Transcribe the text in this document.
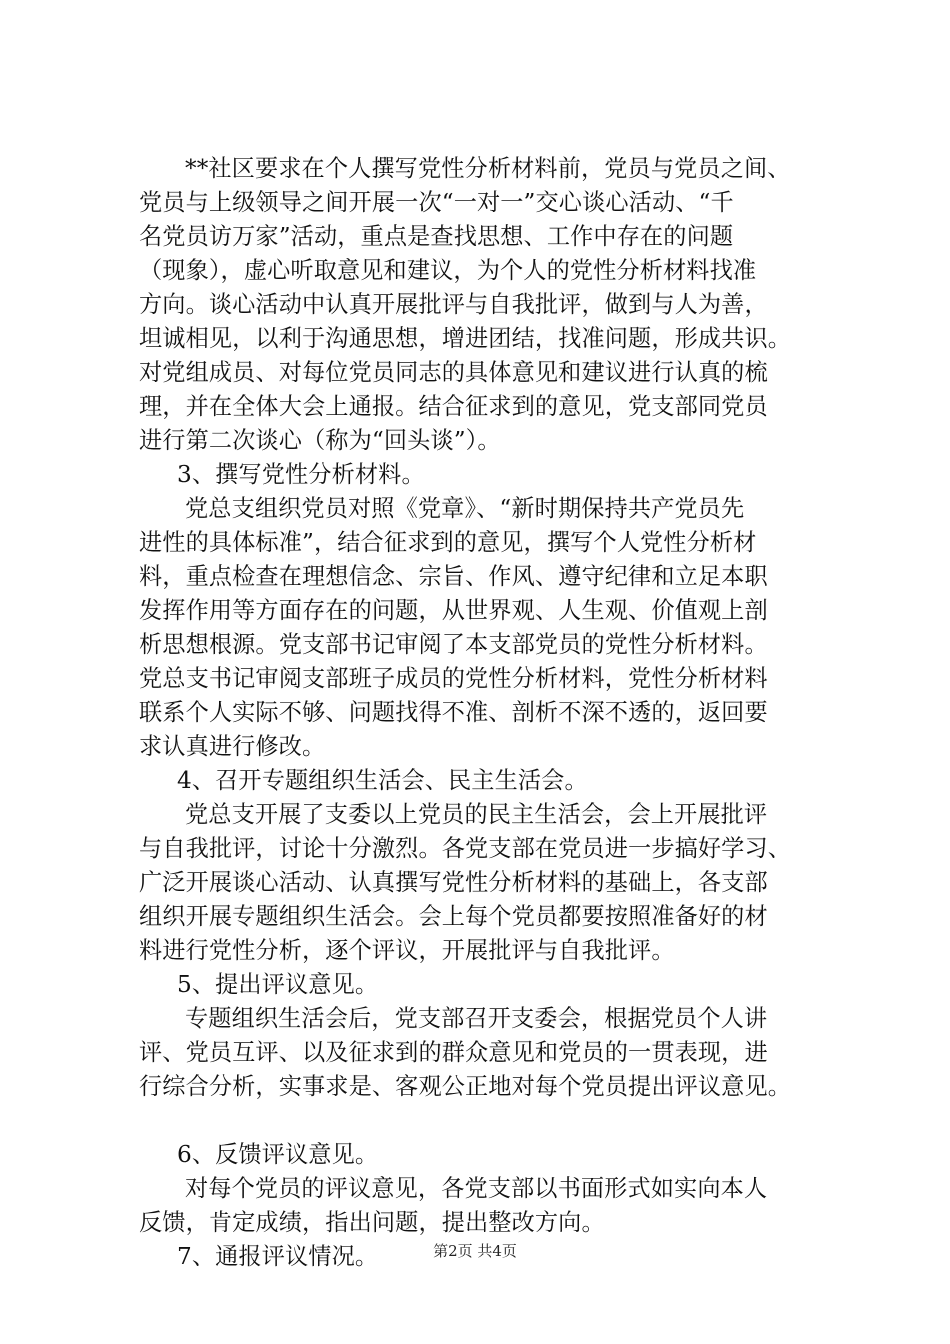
**社区要求在个人撰写党性分析材料前，党员与党员之间、
党员与上级领导之间开展一次“一对一”交心谈心活动、“千
名党员访万家”活动，重点是查找思想、工作中存在的问题
（现象），虚心听取意见和建议，为个人的党性分析材料找准
方向。谈心活动中认真开展批评与自我批评，做到与人为善，
坦诚相见，以利于沟通思想，增进团结，找准问题，形成共识。
对党组成员、对每位党员同志的具体意见和建议进行认真的梳
理，并在全体大会上通报。结合征求到的意见，党支部同党员
进行第二次谈心（称为“回头谈”）。
3、撰写党性分析材料。
党总支组织党员对照《党章》、“新时期保持共产党员先
进性的具体标准”，结合征求到的意见，撰写个人党性分析材
料，重点检查在理想信念、宗旨、作风、遵守纪律和立足本职
发挥作用等方面存在的问题，从世界观、人生观、价值观上剖
析思想根源。党支部书记审阅了本支部党员的党性分析材料。
党总支书记审阅支部班子成员的党性分析材料，党性分析材料
联系个人实际不够、问题找得不准、剖析不深不透的，返回要
求认真进行修改。
4、召开专题组织生活会、民主生活会。
党总支开展了支委以上党员的民主生活会，会上开展批评
与自我批评，讨论十分激烈。各党支部在党员进一步搞好学习、
广泛开展谈心活动、认真撰写党性分析材料的基础上，各支部
组织开展专题组织生活会。会上每个党员都要按照准备好的材
料进行党性分析，逐个评议，开展批评与自我批评。
5、提出评议意见。
专题组织生活会后，党支部召开支委会，根据党员个人讲
评、党员互评、以及征求到的群众意见和党员的一贯表现，进
行综合分析，实事求是、客观公正地对每个党员提出评议意见。
6、反馈评议意见。
对每个党员的评议意见，各党支部以书面形式如实向本人
反馈，肯定成绩，指出问题，提出整改方向。
7、通报评议情况。	第2页 共4页
